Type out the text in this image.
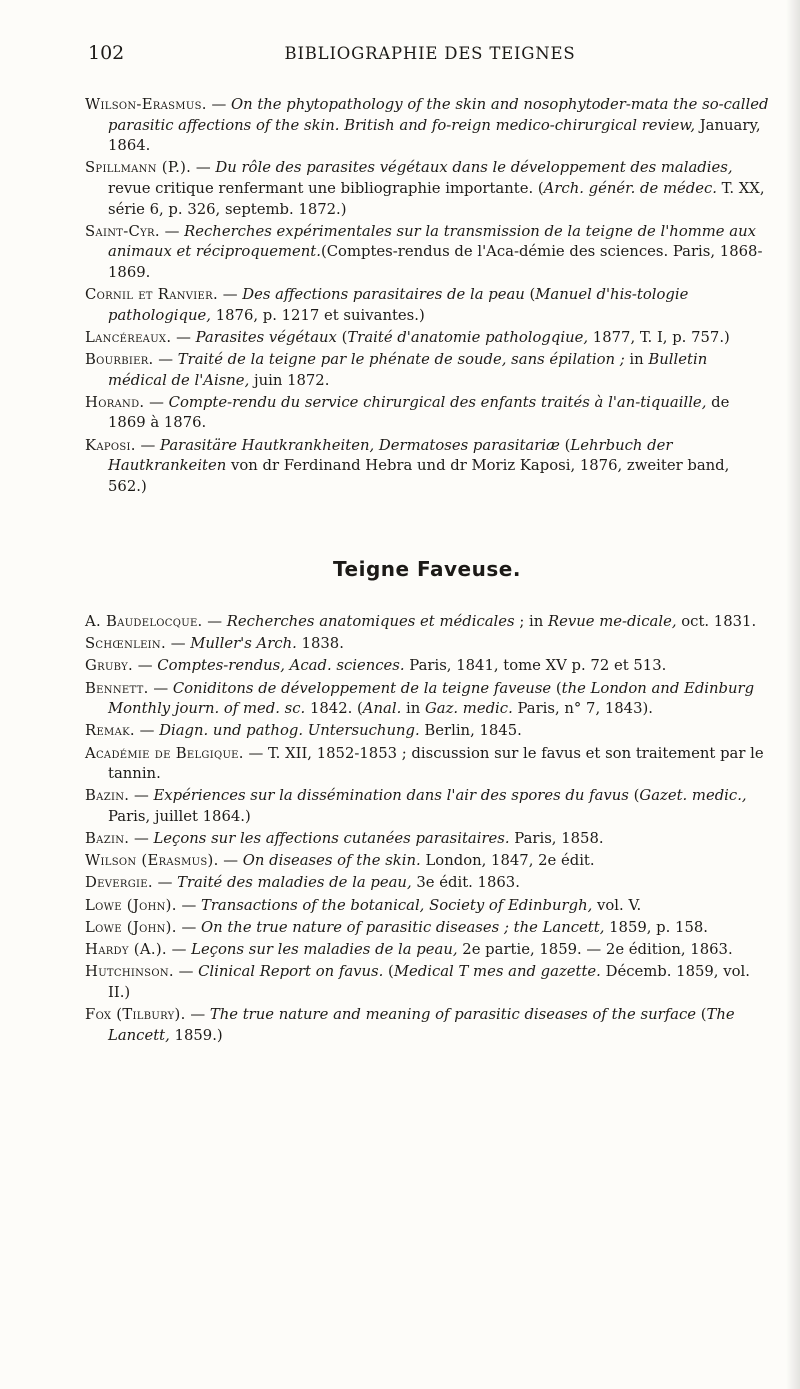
102	BIBLIOGRAPHIE DES TEIGNES

Wilson-Erasmus. — On the phytopathology of the skin and nosophytoder-mata the so-called parasitic affections of the skin. British and fo-reign medico-chirurgical review, January, 1864.

Spillmann (P.). — Du rôle des parasites végétaux dans le développement des maladies, revue critique renfermant une bibliographie importante. (Arch. génér. de médec. T. XX, série 6, p. 326, septemb. 1872.)

Saint-Cyr. — Recherches expérimentales sur la transmission de la teigne de l'homme aux animaux et réciproquement.(Comptes-rendus de l'Aca-démie des sciences. Paris, 1868-1869.

Cornil et Ranvier. — Des affections parasitaires de la peau (Manuel d'his-tologie pathologique, 1876, p. 1217 et suivantes.)

Lancéreaux. — Parasites végétaux (Traité d'anatomie pathologqiue, 1877, T. I, p. 757.)

Bourbier. — Traité de la teigne par le phénate de soude, sans épilation ; in Bulletin médical de l'Aisne, juin 1872.

Horand. — Compte-rendu du service chirurgical des enfants traités à l'an-tiquaille, de 1869 à 1876.

Kaposi. — Parasitäre Hautkrankheiten, Dermatoses parasitariæ (Lehrbuch der Hautkrankeiten von dr Ferdinand Hebra und dr Moriz Kaposi, 1876, zweiter band, 562.)

Teigne Faveuse.

A. Baudelocque. — Recherches anatomiques et médicales ; in Revue me-dicale, oct. 1831.

Schœnlein. — Muller's Arch. 1838.

Gruby. — Comptes-rendus, Acad. sciences. Paris, 1841, tome XV p. 72 et 513.

Bennett. — Coniditons de développement de la teigne faveuse (the London and Edinburg Monthly journ. of med. sc. 1842. (Anal. in Gaz. medic. Paris, n° 7, 1843).

Remak. — Diagn. und pathog. Untersuchung. Berlin, 1845.

Académie de Belgique. — T. XII, 1852-1853 ; discussion sur le favus et son traitement par le tannin.

Bazin. — Expériences sur la dissémination dans l'air des spores du favus (Gazet. medic., Paris, juillet 1864.)

Bazin. — Leçons sur les affections cutanées parasitaires. Paris, 1858.

Wilson (Erasmus). — On diseases of the skin. London, 1847, 2e édit.

Devergie. — Traité des maladies de la peau, 3e édit. 1863.

Lowe (John). — Transactions of the botanical, Society of Edinburgh, vol. V.

Lowe (John). — On the true nature of parasitic diseases ; the Lancett, 1859, p. 158.

Hardy (A.). — Leçons sur les maladies de la peau, 2e partie, 1859. — 2e édition, 1863.

Hutchinson. — Clinical Report on favus. (Medical T mes and gazette. Décemb. 1859, vol. II.)

Fox (Tilbury). — The true nature and meaning of parasitic diseases of the surface (The Lancett, 1859.)
